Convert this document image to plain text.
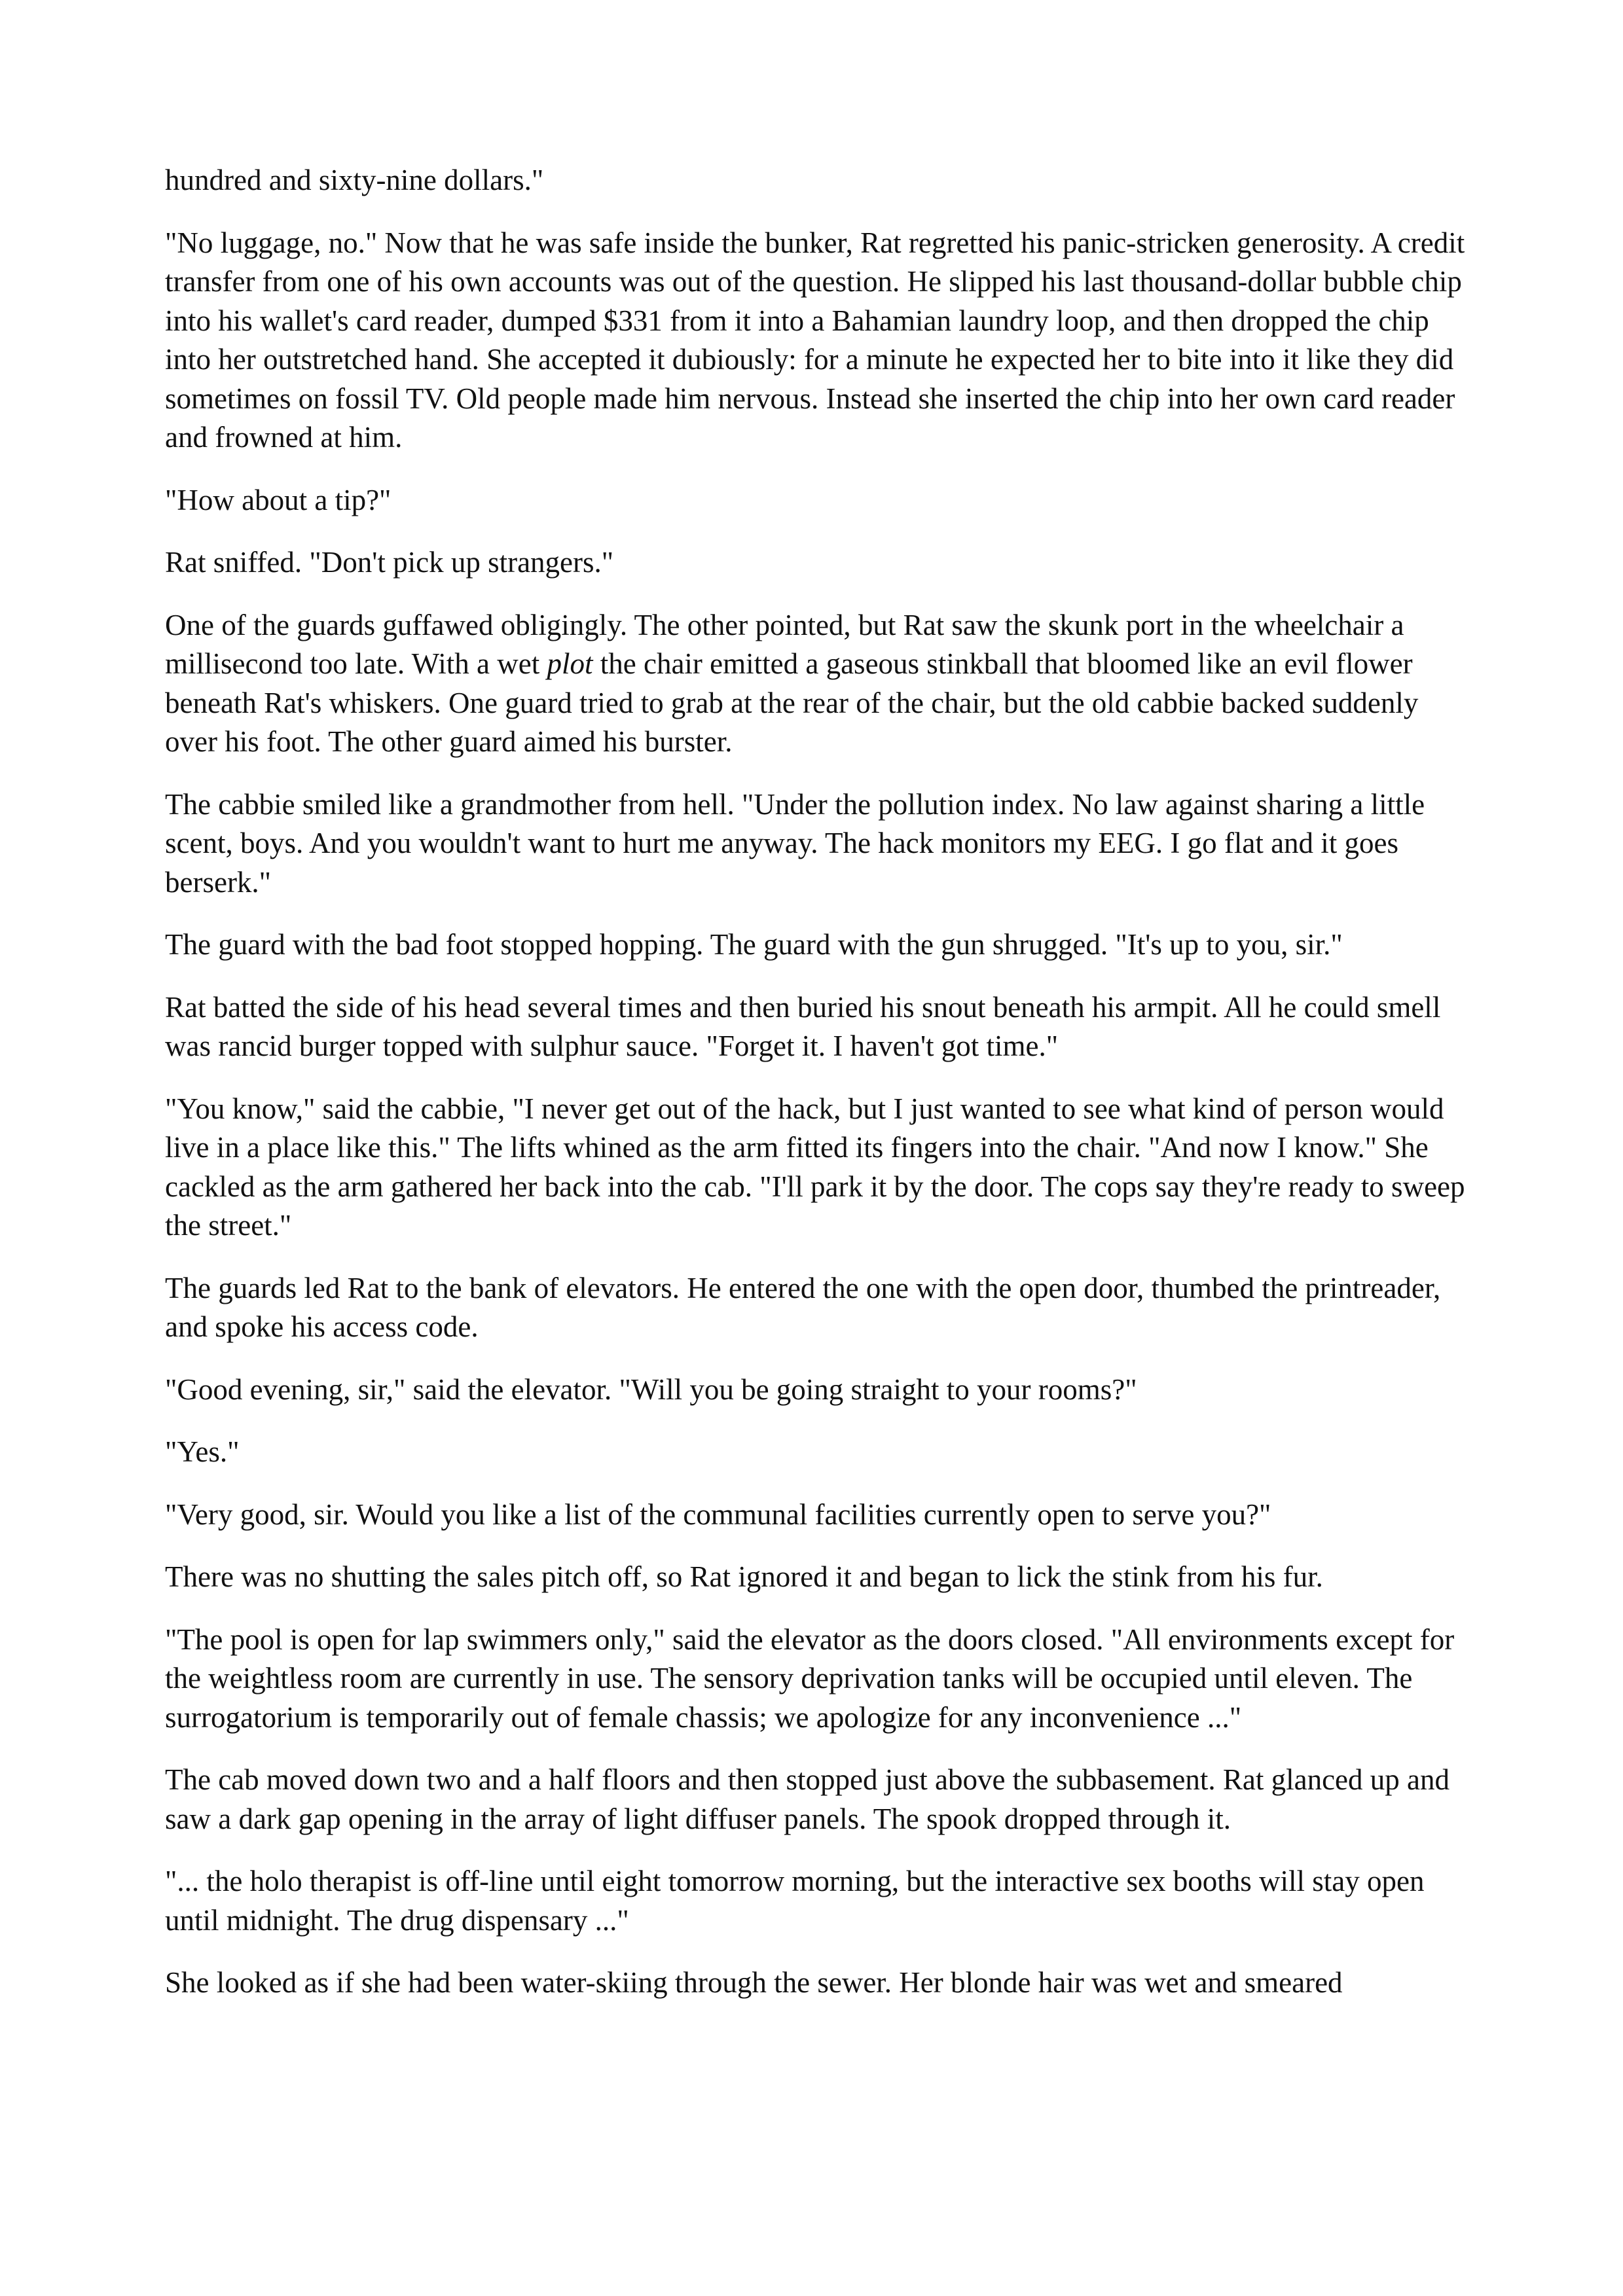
hundred and sixty-nine dollars."

"No luggage, no." Now that he was safe inside the bunker, Rat regretted his panic-stricken generosity. A credit transfer from one of his own accounts was out of the question. He slipped his last thousand-dollar bubble chip into his wallet's card reader, dumped $331 from it into a Bahamian laundry loop, and then dropped the chip into her outstretched hand. She accepted it dubiously: for a minute he expected her to bite into it like they did sometimes on fossil TV. Old people made him nervous. Instead she inserted the chip into her own card reader and frowned at him.

"How about a tip?"

Rat sniffed. "Don't pick up strangers."

One of the guards guffawed obligingly. The other pointed, but Rat saw the skunk port in the wheelchair a millisecond too late. With a wet plot the chair emitted a gaseous stinkball that bloomed like an evil flower beneath Rat's whiskers. One guard tried to grab at the rear of the chair, but the old cabbie backed suddenly over his foot. The other guard aimed his burster.

The cabbie smiled like a grandmother from hell. "Under the pollution index. No law against sharing a little scent, boys. And you wouldn't want to hurt me anyway. The hack monitors my EEG. I go flat and it goes berserk."

The guard with the bad foot stopped hopping. The guard with the gun shrugged. "It's up to you, sir."

Rat batted the side of his head several times and then buried his snout beneath his armpit. All he could smell was rancid burger topped with sulphur sauce. "Forget it. I haven't got time."

"You know," said the cabbie, "I never get out of the hack, but I just wanted to see what kind of person would live in a place like this." The lifts whined as the arm fitted its fingers into the chair. "And now I know." She cackled as the arm gathered her back into the cab. "I'll park it by the door. The cops say they're ready to sweep the street."

The guards led Rat to the bank of elevators. He entered the one with the open door, thumbed the printreader, and spoke his access code.

"Good evening, sir," said the elevator. "Will you be going straight to your rooms?"

"Yes."

"Very good, sir. Would you like a list of the communal facilities currently open to serve you?"

There was no shutting the sales pitch off, so Rat ignored it and began to lick the stink from his fur.

"The pool is open for lap swimmers only," said the elevator as the doors closed. "All environments except for the weightless room are currently in use. The sensory deprivation tanks will be occupied until eleven. The surrogatorium is temporarily out of female chassis; we apologize for any inconvenience ..."

The cab moved down two and a half floors and then stopped just above the subbasement. Rat glanced up and saw a dark gap opening in the array of light diffuser panels. The spook dropped through it.

"... the holo therapist is off-line until eight tomorrow morning, but the interactive sex booths will stay open until midnight. The drug dispensary ..."

She looked as if she had been water-skiing through the sewer. Her blonde hair was wet and smeared
